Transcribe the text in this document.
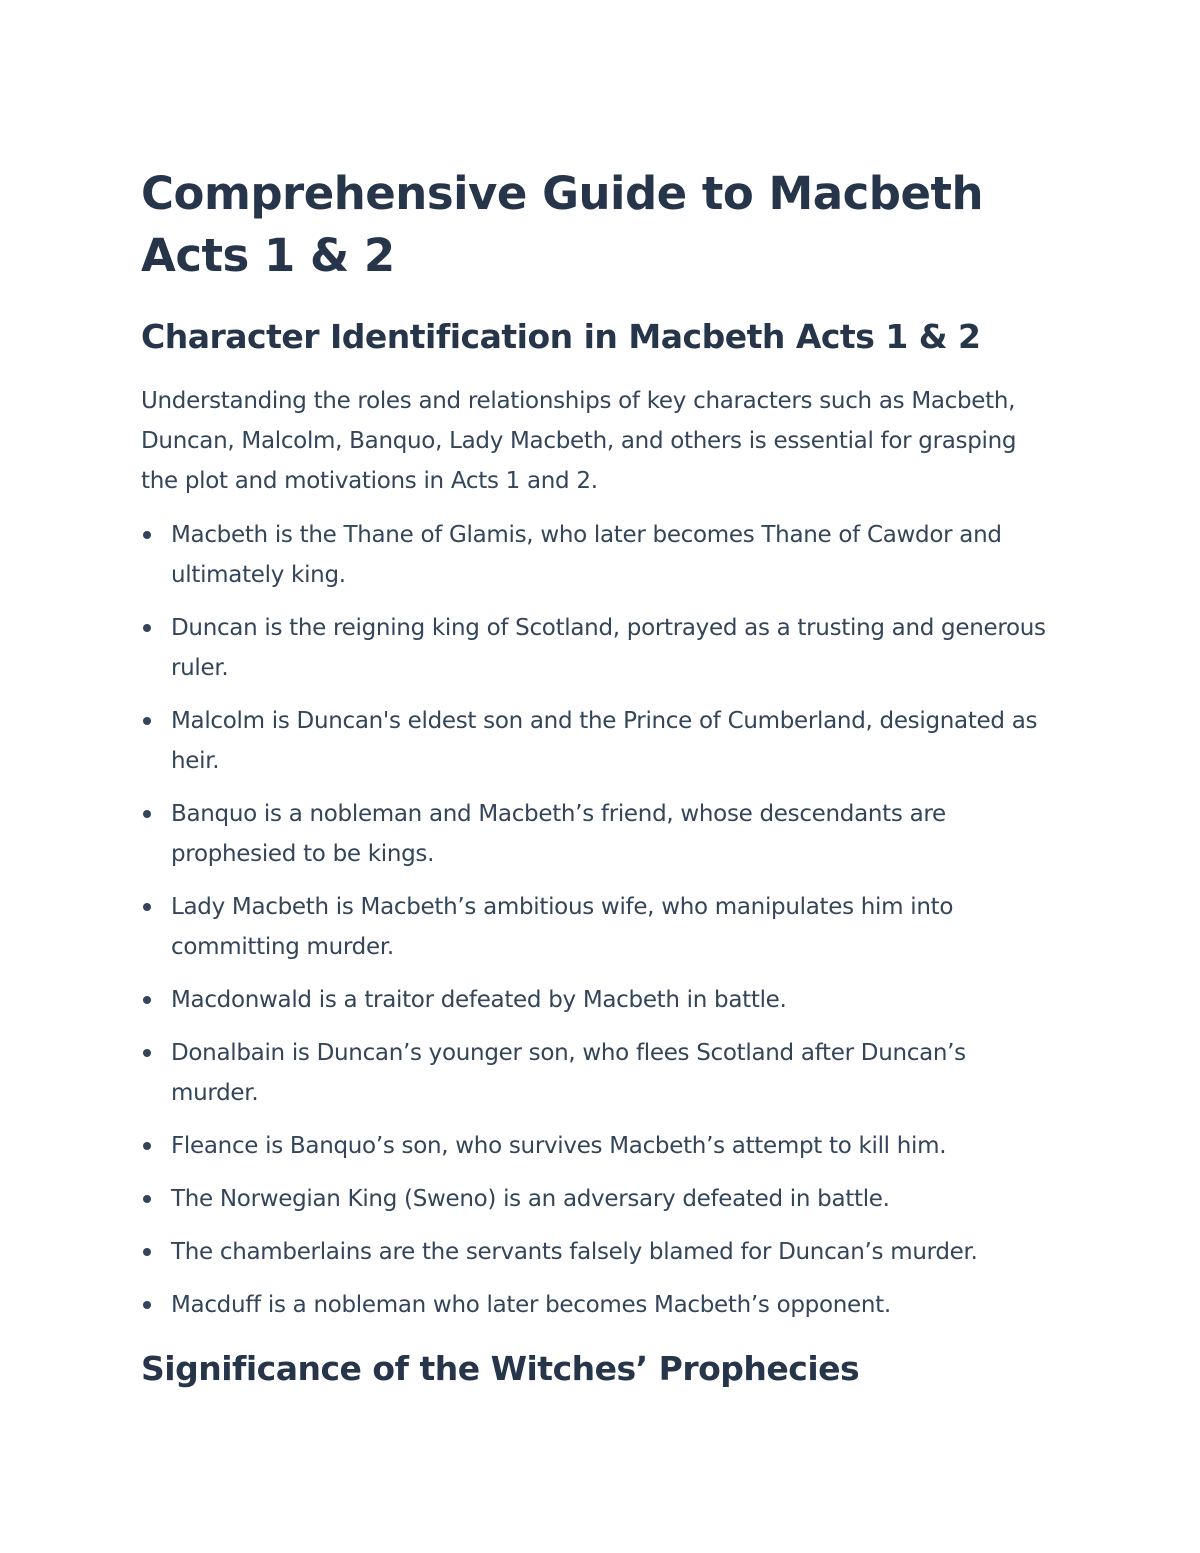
Comprehensive Guide to Macbeth Acts 1 & 2
Character Identification in Macbeth Acts 1 & 2

Understanding the roles and relationships of key characters such as Macbeth, Duncan, Malcolm, Banquo, Lady Macbeth, and others is essential for grasping the plot and motivations in Acts 1 and 2.

Macbeth is the Thane of Glamis, who later becomes Thane of Cawdor and ultimately king.
Duncan is the reigning king of Scotland, portrayed as a trusting and generous ruler.
Malcolm is Duncan's eldest son and the Prince of Cumberland, designated as heir.
Banquo is a nobleman and Macbeth’s friend, whose descendants are prophesied to be kings.
Lady Macbeth is Macbeth’s ambitious wife, who manipulates him into committing murder.
Macdonwald is a traitor defeated by Macbeth in battle.
Donalbain is Duncan’s younger son, who flees Scotland after Duncan’s murder.
Fleance is Banquo’s son, who survives Macbeth’s attempt to kill him.
The Norwegian King (Sweno) is an adversary defeated in battle.
The chamberlains are the servants falsely blamed for Duncan’s murder.
Macduff is a nobleman who later becomes Macbeth’s opponent.
Significance of the Witches’ Prophecies
